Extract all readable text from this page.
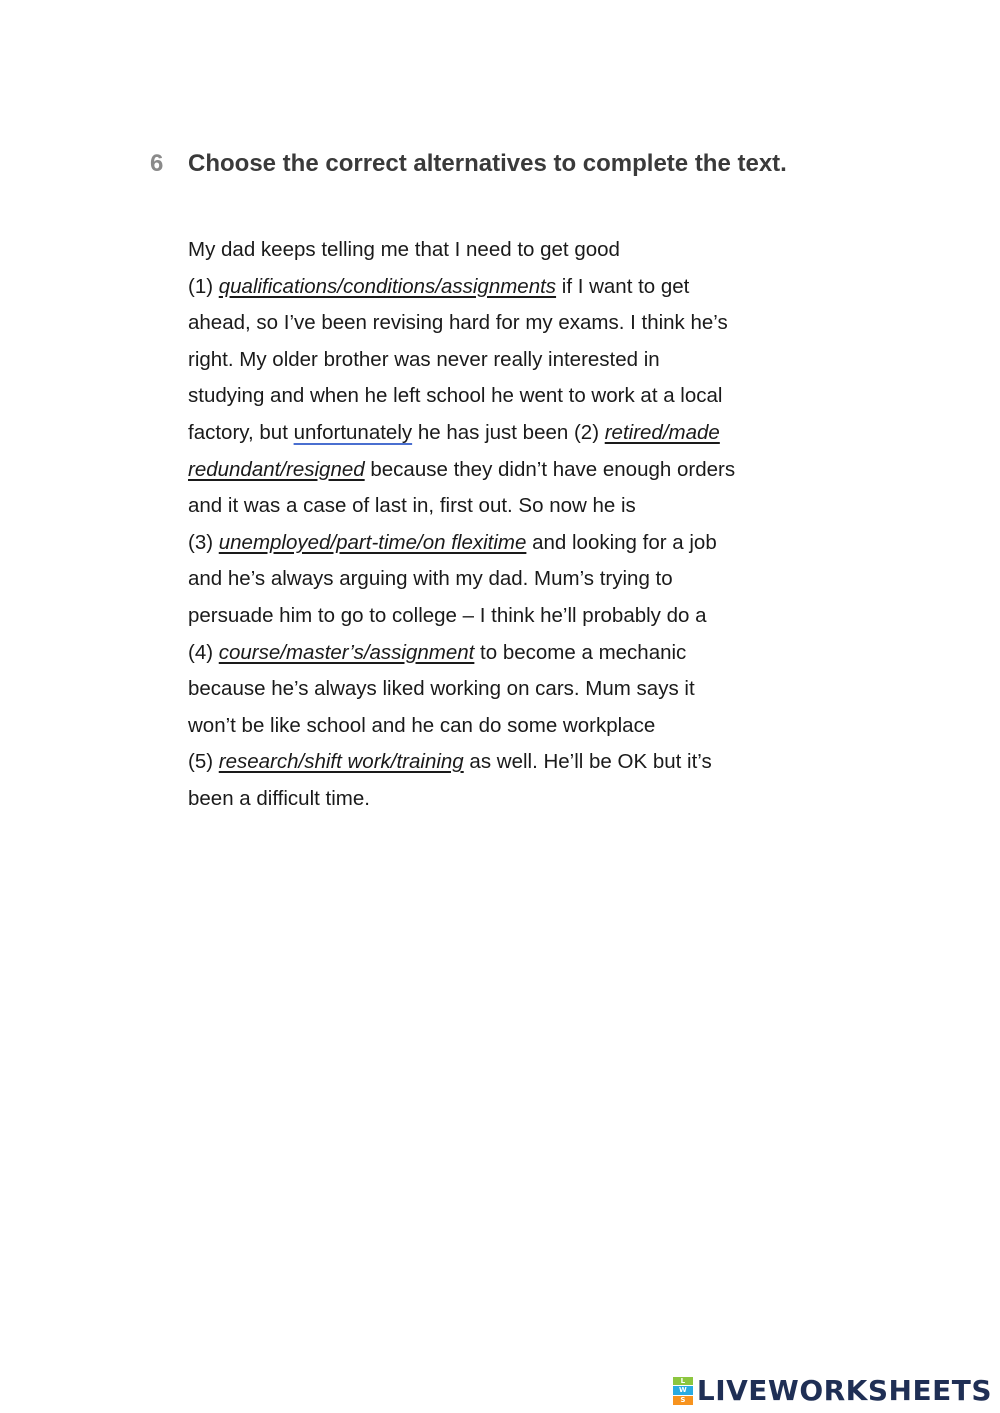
6	Choose the correct alternatives to complete the text.
My dad keeps telling me that I need to get good
(1) qualifications/conditions/assignments if I want to get
ahead, so I’ve been revising hard for my exams. I think he’s
right. My older brother was never really interested in
studying and when he left school he went to work at a local
factory, but unfortunately he has just been (2) retired/made
redundant/resigned because they didn’t have enough orders
and it was a case of last in, first out. So now he is
(3) unemployed/part-time/on flexitime and looking for a job
and he’s always arguing with my dad. Mum’s trying to
persuade him to go to college – I think he’ll probably do a
(4) course/master’s/assignment to become a mechanic
because he’s always liked working on cars. Mum says it
won’t be like school and he can do some workplace
(5) research/shift work/training as well. He’ll be OK but it’s
been a difficult time.
L
W
S LIVEWORKSHEETS
